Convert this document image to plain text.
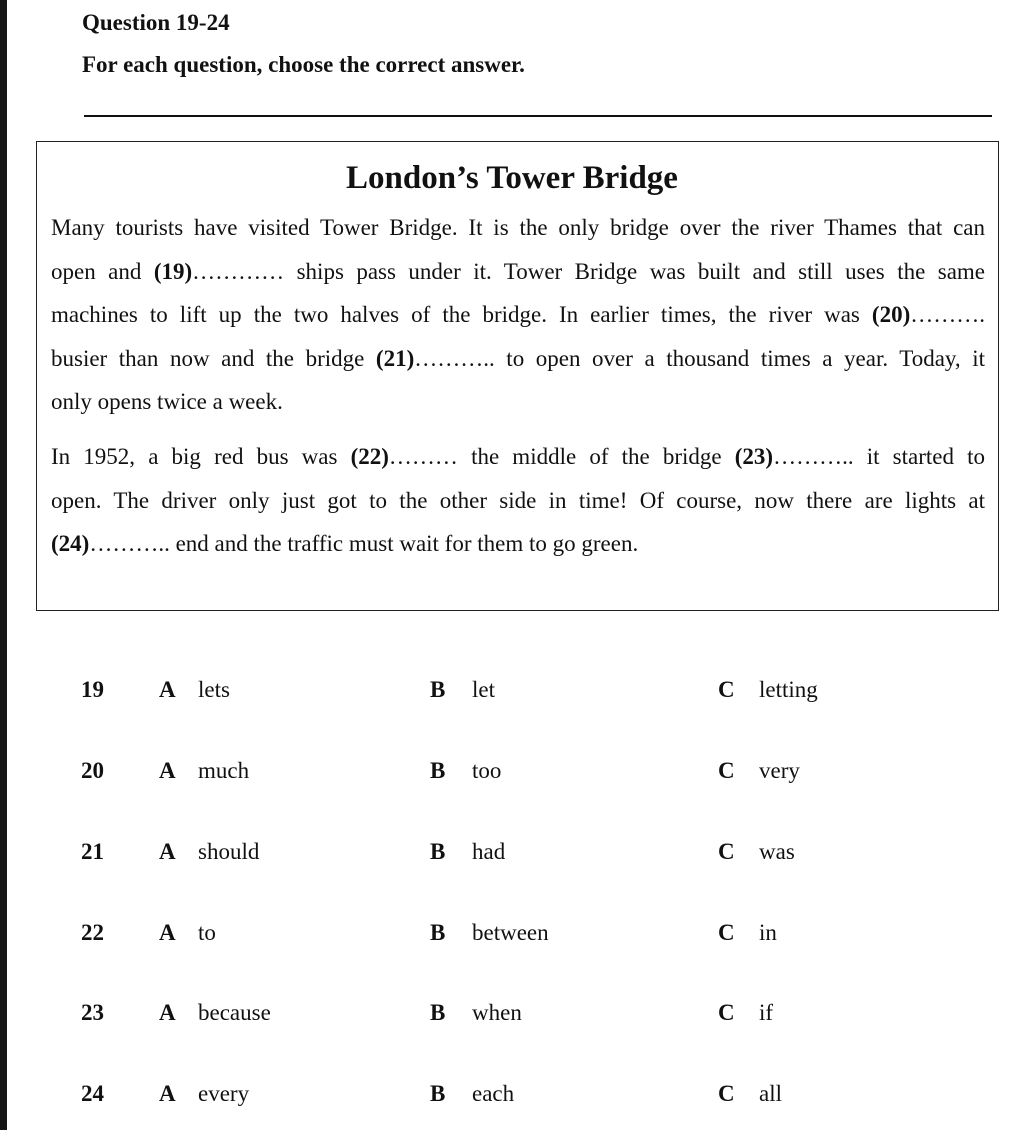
Question 19-24
For each question, choose the correct answer.
London’s Tower Bridge
Many tourists have visited Tower Bridge. It is the only bridge over the river Thames that can
open and (19)………… ships pass under it. Tower Bridge was built and still uses the same
machines to lift up the two halves of the bridge. In earlier times, the river was (20)……….
busier than now and the bridge (21)……….. to open over a thousand times a year. Today, it
only opens twice a week.
In 1952, a big red bus was (22)……… the middle of the bridge (23)……….. it started to
open. The driver only just got to the other side in time! Of course, now there are lights at
(24)……….. end and the traffic must wait for them to go green.
19 A lets	B let	C letting
20 A much	B too	C very
21 A should	B had	C was
22 A to	B between	C in
23 A because	B when	C if
24 A every	B each	C all
